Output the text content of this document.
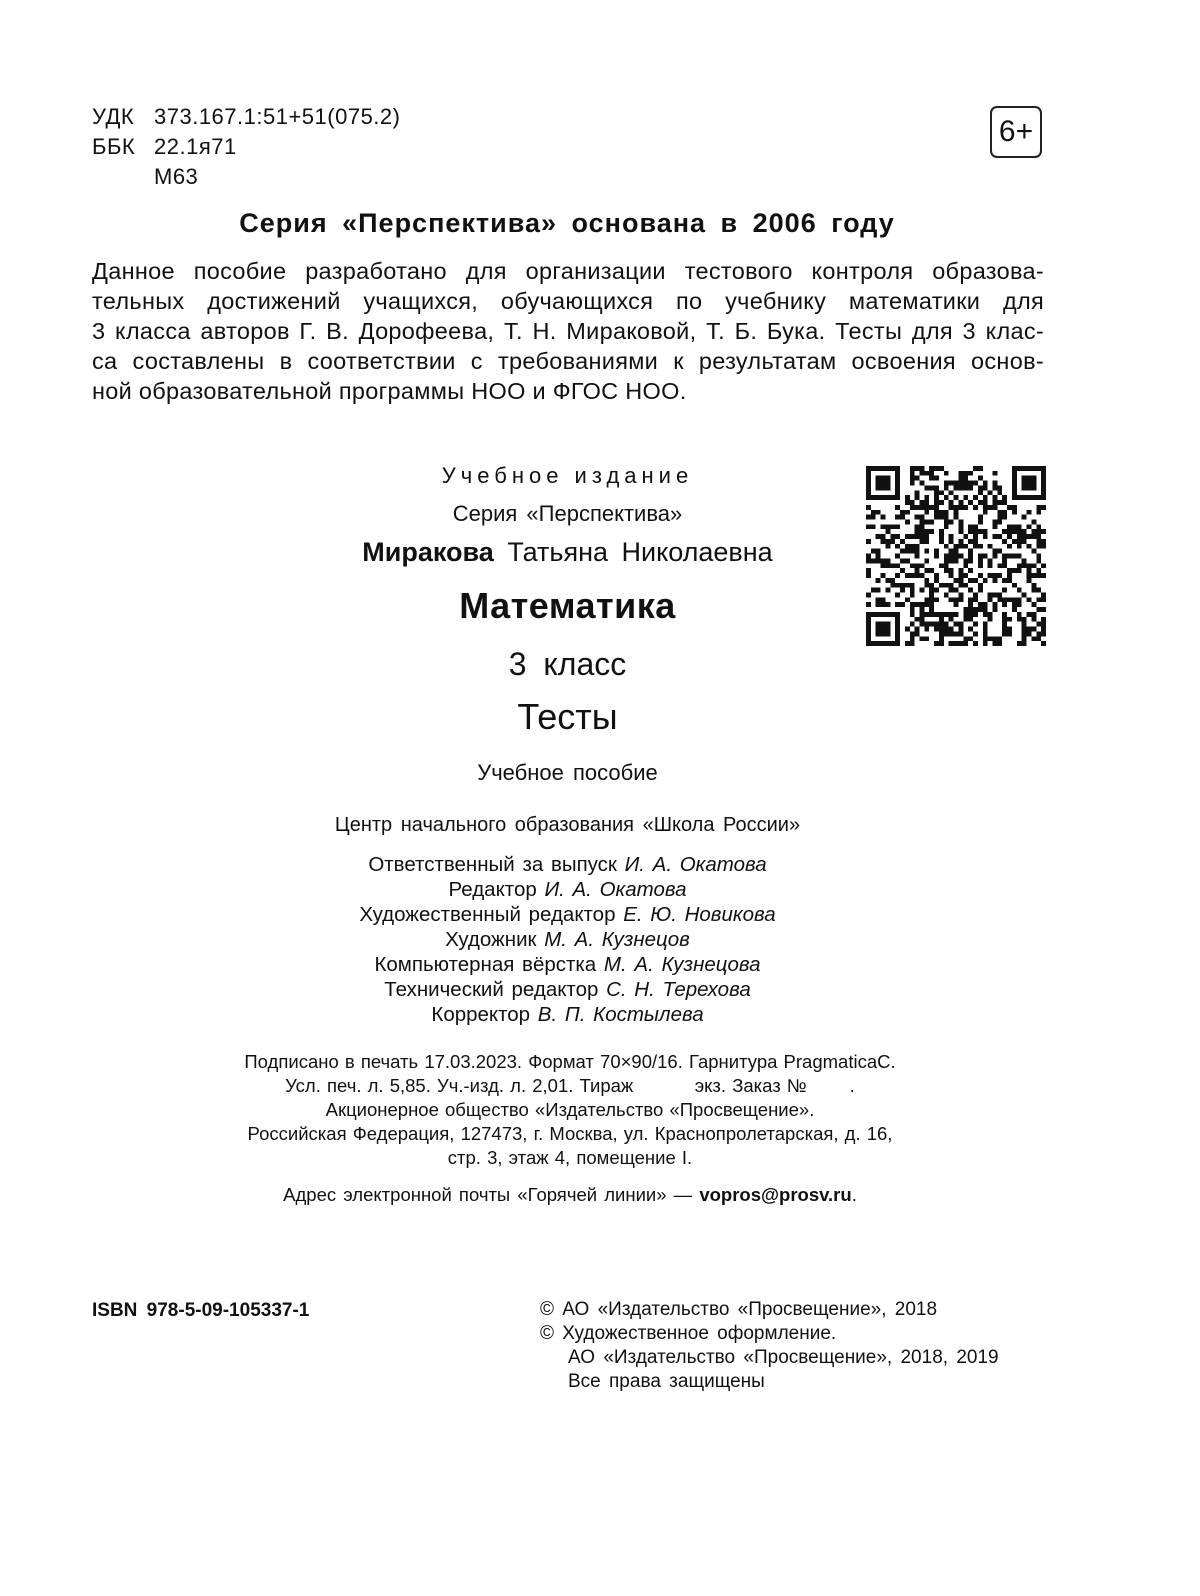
УДК 373.167.1:51+51(075.2)
ББК 22.1я71
М63
6+
Серия «Перспектива» основана в 2006 году
Данное пособие разработано для организации тестового контроля образова-
тельных достижений учащихся, обучающихся по учебнику математики для
3 класса авторов Г. В. Дорофеева, Т. Н. Миракoвой, Т. Б. Бука. Тесты для 3 клас-
са составлены в соответствии с требованиями к результатам освоения основ-
ной образовательной программы НОО и ФГОС НОО.
Учебное издание
Серия «Перспектива»
Миракова Татьяна Николаевна
Математика
3 класс
Тесты
Учебное пособие
Центр начального образования «Школа России»
Ответственный за выпуск И. А. Окатова
Редактор И. А. Окатова
Художественный редактор Е. Ю. Новикова
Художник М. А. Кузнецов
Компьютерная вёрстка М. А. Кузнецова
Технический редактор С. Н. Терехова
Корректор В. П. Костылева
Подписано в печать 17.03.2023. Формат 70×90/16. Гарнитура PragmaticaC.
Усл. печ. л. 5,85. Уч.-изд. л. 2,01. Тираж          экз. Заказ №       .
Акционерное общество «Издательство «Просвещение».
Российская Федерация, 127473, г. Москва, ул. Краснопролетарская, д. 16,
стр. 3, этаж 4, помещение I.
Адрес электронной почты «Горячей линии» — vopros@prosv.ru.
ISBN 978-5-09-105337-1	© АО «Издательство «Просвещение», 2018
© Художественное оформление.
АО «Издательство «Просвещение», 2018, 2019
Все права защищены
